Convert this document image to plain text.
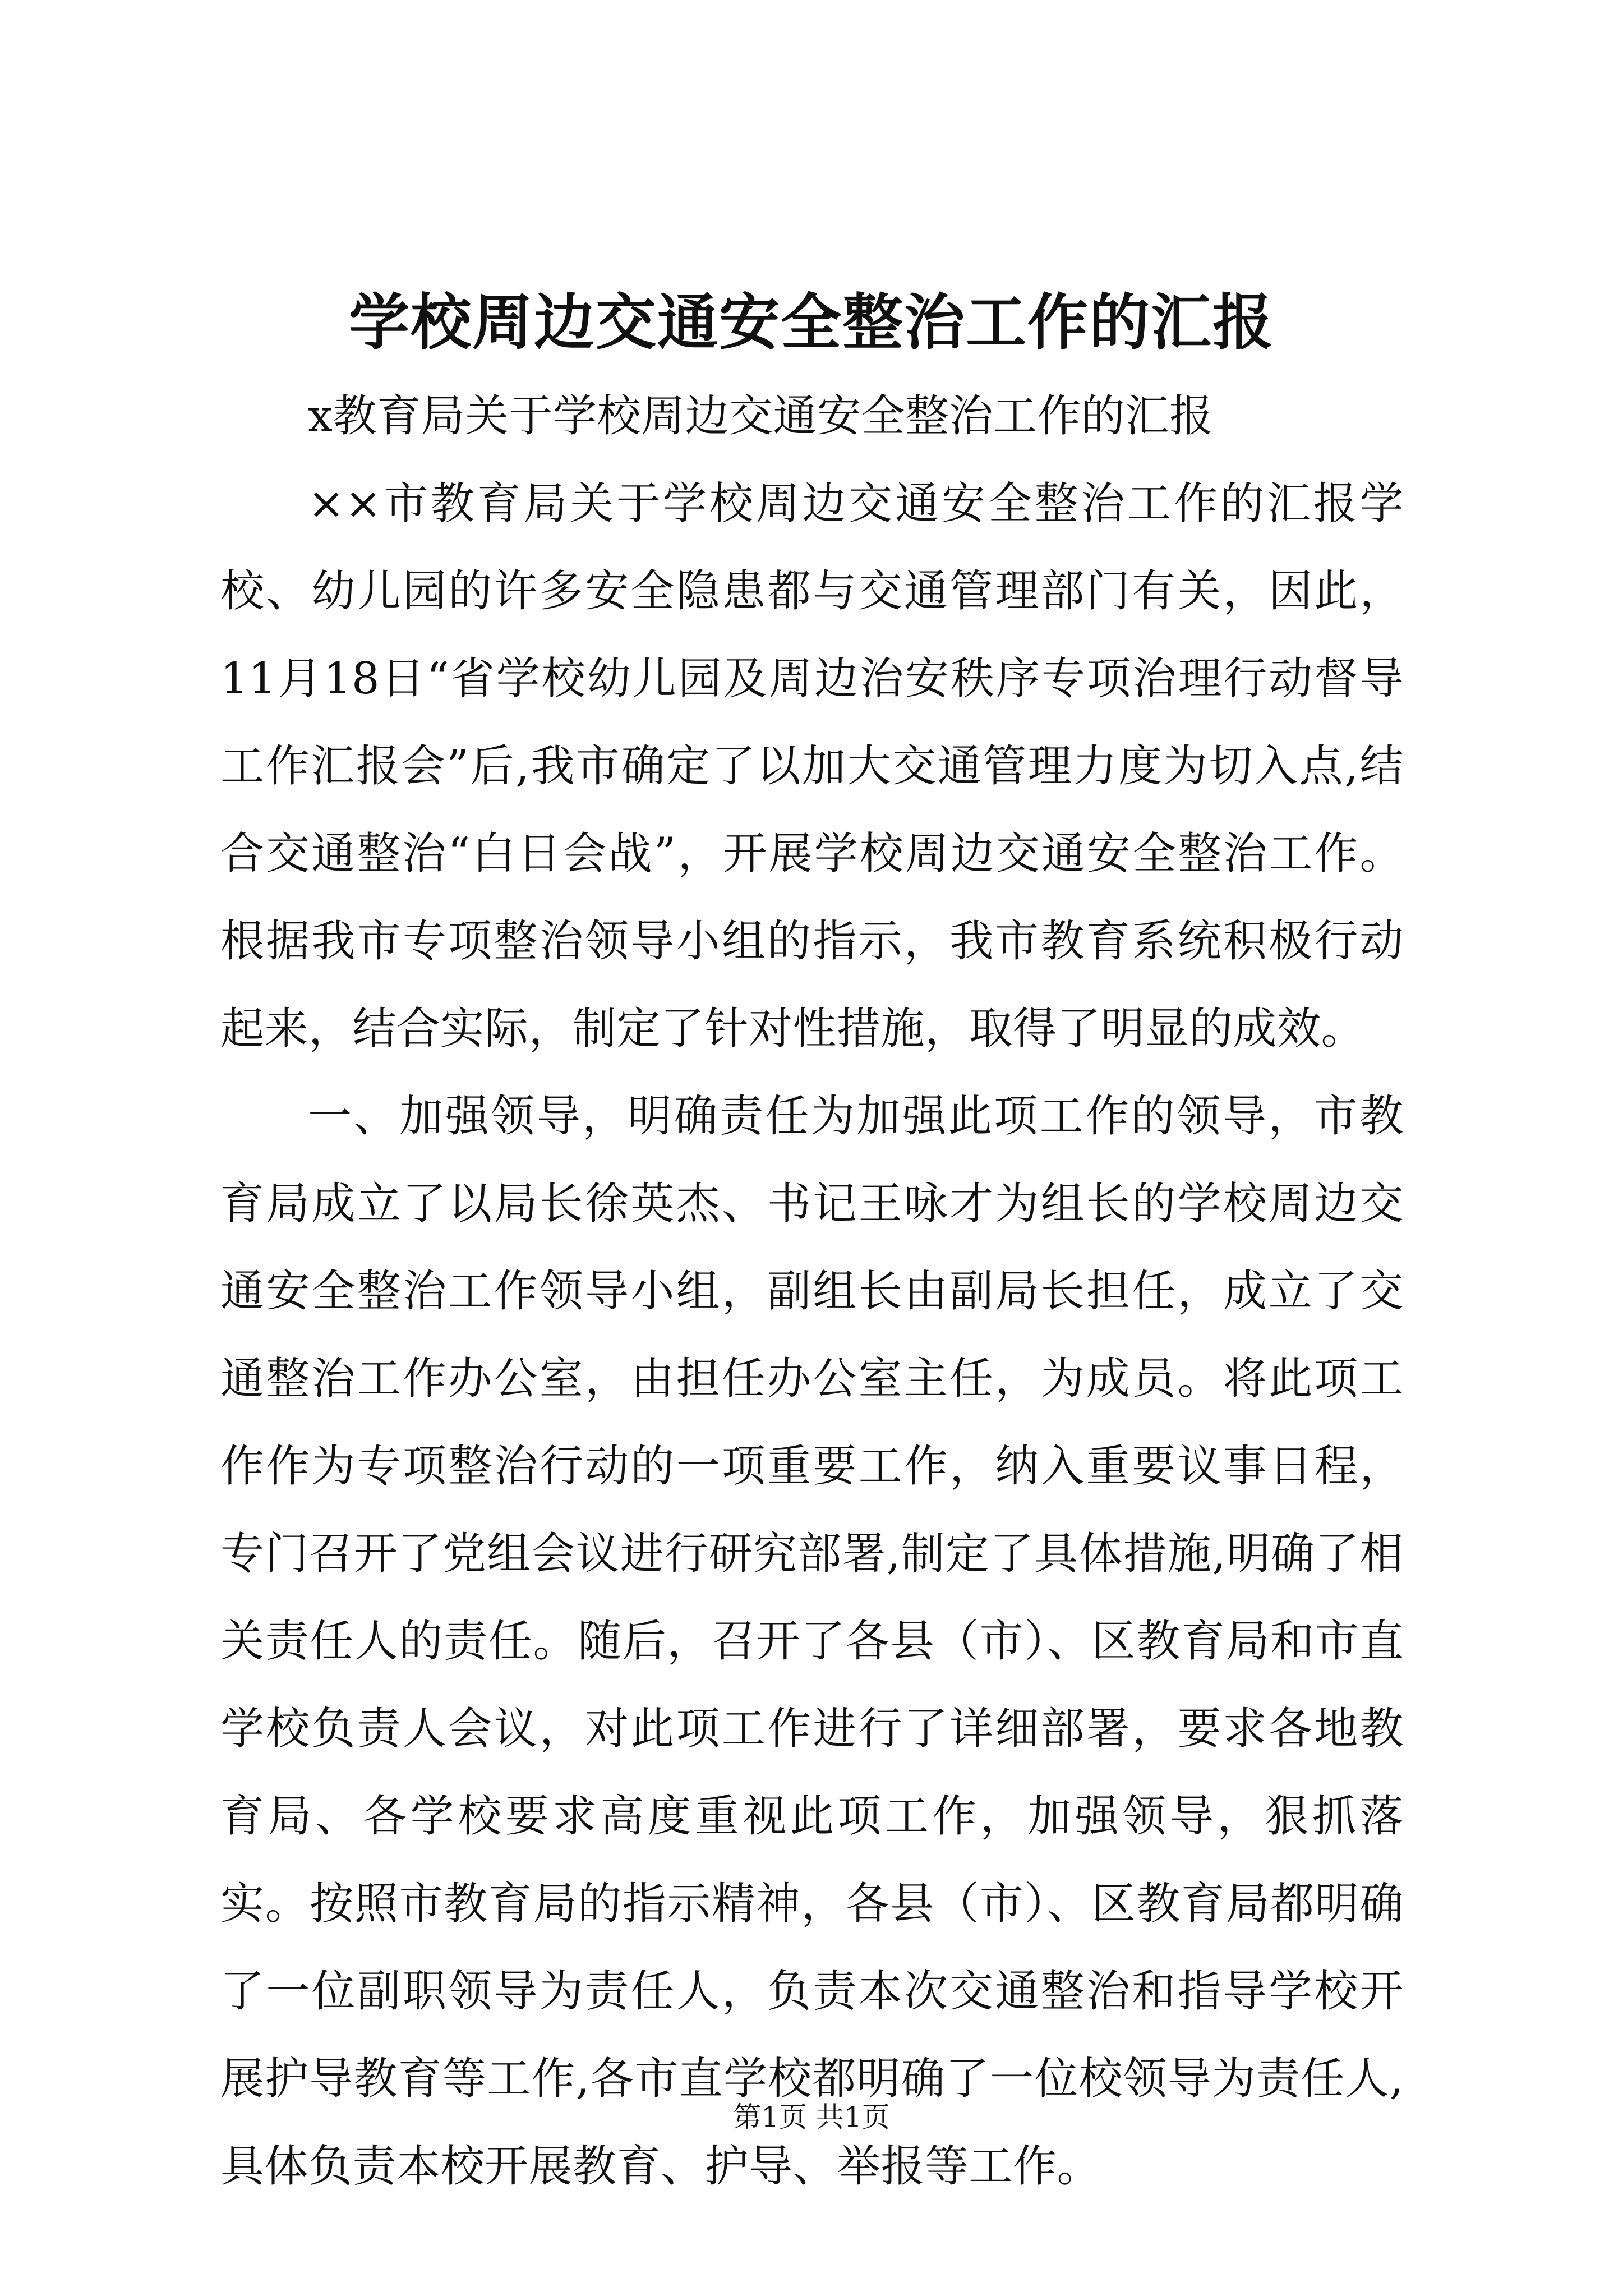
学校周边交通安全整治工作的汇报

x教育局关于学校周边交通安全整治工作的汇报

××市教育局关于学校周边交通安全整治工作的汇报学校、幼儿园的许多安全隐患都与交通管理部门有关，因此，11月18日“省学校幼儿园及周边治安秩序专项治理行动督导工作汇报会”后,我市确定了以加大交通管理力度为切入点,结合交通整治“白日会战”，开展学校周边交通安全整治工作。根据我市专项整治领导小组的指示，我市教育系统积极行动起来，结合实际，制定了针对性措施，取得了明显的成效。

一、加强领导，明确责任为加强此项工作的领导，市教育局成立了以局长徐英杰、书记王咏才为组长的学校周边交通安全整治工作领导小组，副组长由副局长担任，成立了交通整治工作办公室，由担任办公室主任，为成员。将此项工作作为专项整治行动的一项重要工作，纳入重要议事日程，专门召开了党组会议进行研究部署,制定了具体措施,明确了相关责任人的责任。随后，召开了各县（市）、区教育局和市直学校负责人会议，对此项工作进行了详细部署，要求各地教育局、各学校要求高度重视此项工作，加强领导，狠抓落实。按照市教育局的指示精神，各县（市）、区教育局都明确了一位副职领导为责任人，负责本次交通整治和指导学校开展护导教育等工作,各市直学校都明确了一位校领导为责任人,具体负责本校开展教育、护导、举报等工作。

第1页 共1页
